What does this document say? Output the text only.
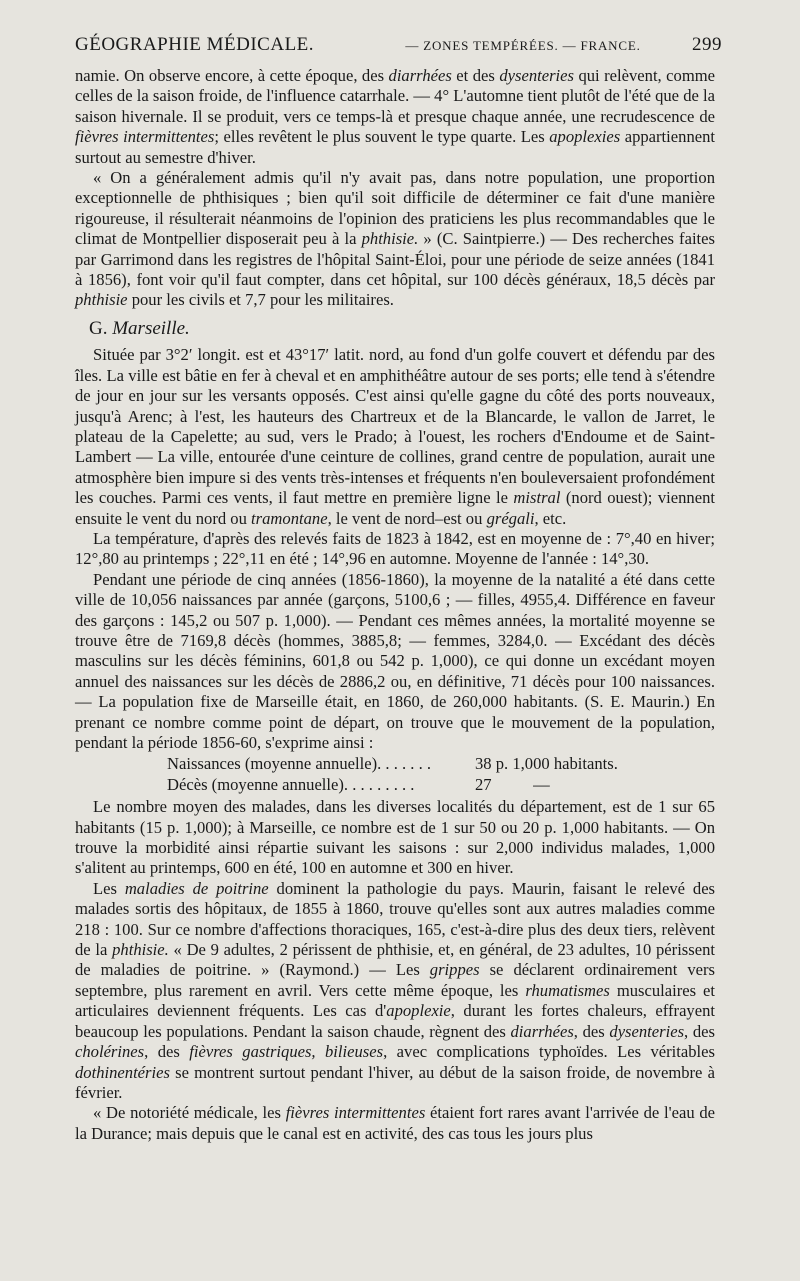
GÉOGRAPHIE MÉDICALE.	— ZONES TEMPÉRÉES. — FRANCE.	299

namie. On observe encore, à cette époque, des diarrhées et des dysenteries qui relèvent, comme celles de la saison froide, de l'influence catarrhale. — 4° L'automne tient plutôt de l'été que de la saison hivernale. Il se produit, vers ce temps-là et presque chaque année, une recrudescence de fièvres intermittentes; elles revêtent le plus souvent le type quarte. Les apoplexies appartiennent surtout au semestre d'hiver.

« On a généralement admis qu'il n'y avait pas, dans notre population, une proportion exceptionnelle de phthisiques ; bien qu'il soit difficile de déterminer ce fait d'une manière rigoureuse, il résulterait néanmoins de l'opinion des praticiens les plus recommandables que le climat de Montpellier disposerait peu à la phthisie. » (C. Saintpierre.) — Des recherches faites par Garrimond dans les registres de l'hôpital Saint-Éloi, pour une période de seize années (1841 à 1856), font voir qu'il faut compter, dans cet hôpital, sur 100 décès généraux, 18,5 décès par phthisie pour les civils et 7,7 pour les militaires.

G. Marseille.

Située par 3°2′ longit. est et 43°17′ latit. nord, au fond d'un golfe couvert et défendu par des îles. La ville est bâtie en fer à cheval et en amphithéâtre autour de ses ports; elle tend à s'étendre de jour en jour sur les versants opposés. C'est ainsi qu'elle gagne du côté des ports nouveaux, jusqu'à Arenc; à l'est, les hauteurs des Chartreux et de la Blancarde, le vallon de Jarret, le plateau de la Capelette; au sud, vers le Prado; à l'ouest, les rochers d'Endoume et de Saint-Lambert — La ville, entourée d'une ceinture de collines, grand centre de population, aurait une atmosphère bien impure si des vents très-intenses et fréquents n'en bouleversaient profondément les couches. Parmi ces vents, il faut mettre en première ligne le mistral (nord ouest); viennent ensuite le vent du nord ou tramontane, le vent de nord–est ou grégali, etc.

La température, d'après des relevés faits de 1823 à 1842, est en moyenne de : 7°,40 en hiver; 12°,80 au printemps ; 22°,11 en été ; 14°,96 en automne. Moyenne de l'année : 14°,30.

Pendant une période de cinq années (1856-1860), la moyenne de la natalité a été dans cette ville de 10,056 naissances par année (garçons, 5100,6 ; — filles, 4955,4. Différence en faveur des garçons : 145,2 ou 507 p. 1,000). — Pendant ces mêmes années, la mortalité moyenne se trouve être de 7169,8 décès (hommes, 3885,8; — femmes, 3284,0. — Excédant des décès masculins sur les décès féminins, 601,8 ou 542 p. 1,000), ce qui donne un excédant moyen annuel des naissances sur les décès de 2886,2 ou, en définitive, 71 décès pour 100 naissances. — La population fixe de Marseille était, en 1860, de 260,000 habitants. (S. E. Maurin.) En prenant ce nombre comme point de départ, on trouve que le mouvement de la population, pendant la période 1856-60, s'exprime ainsi :

Naissances (moyenne annuelle). . . . . . .	38 p. 1,000 habitants.
Décès (moyenne annuelle). . . . . . . . .	27          —

Le nombre moyen des malades, dans les diverses localités du département, est de 1 sur 65 habitants (15 p. 1,000); à Marseille, ce nombre est de 1 sur 50 ou 20 p. 1,000 habitants. — On trouve la morbidité ainsi répartie suivant les saisons : sur 2,000 individus malades, 1,000 s'alitent au printemps, 600 en été, 100 en automne et 300 en hiver.

Les maladies de poitrine dominent la pathologie du pays. Maurin, faisant le relevé des malades sortis des hôpitaux, de 1855 à 1860, trouve qu'elles sont aux autres maladies comme 218 : 100. Sur ce nombre d'affections thoraciques, 165, c'est-à-dire plus des deux tiers, relèvent de la phthisie. « De 9 adultes, 2 périssent de phthisie, et, en général, de 23 adultes, 10 périssent de maladies de poitrine. » (Raymond.) — Les grippes se déclarent ordinairement vers septembre, plus rarement en avril. Vers cette même époque, les rhumatismes musculaires et articulaires deviennent fréquents. Les cas d'apoplexie, durant les fortes chaleurs, effrayent beaucoup les populations. Pendant la saison chaude, règnent des diarrhées, des dysenteries, des cholérines, des fièvres gastriques, bilieuses, avec complications typhoïdes. Les véritables dothinentéries se montrent surtout pendant l'hiver, au début de la saison froide, de novembre à février.

« De notoriété médicale, les fièvres intermittentes étaient fort rares avant l'arrivée de l'eau de la Durance; mais depuis que le canal est en activité, des cas tous les jours plus
